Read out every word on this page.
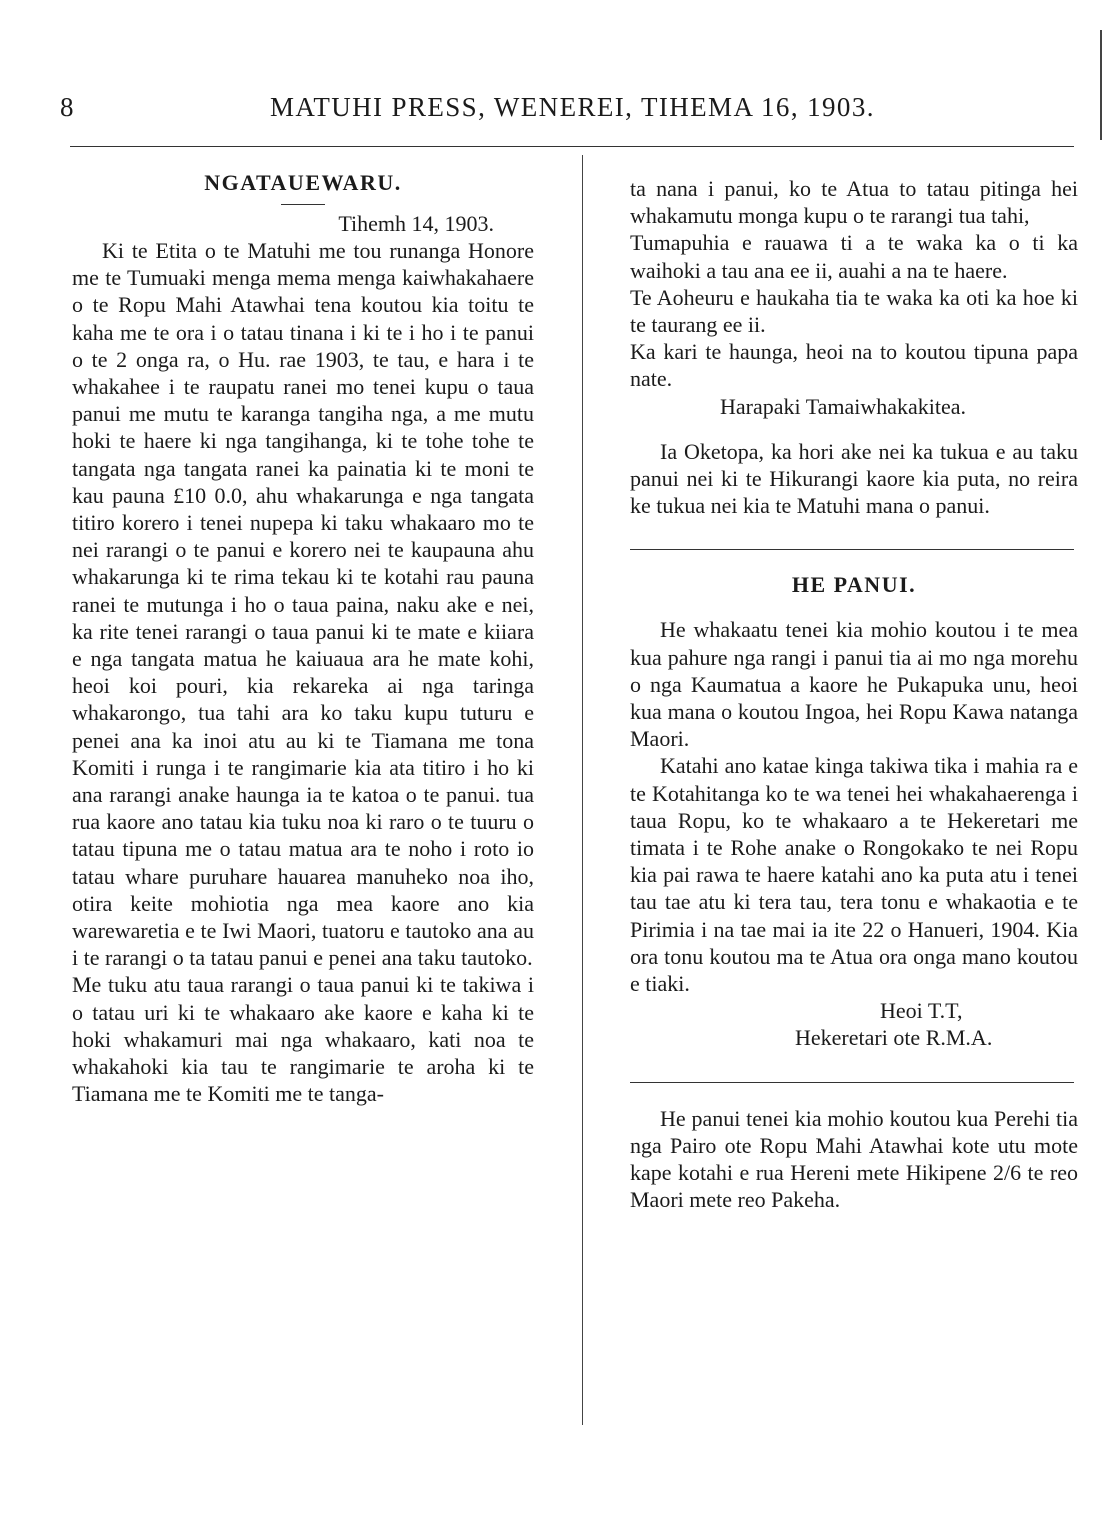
8	MATUHI PRESS, WENEREI, TIHEMA 16, 1903.
NGATAUEWARU.

Tihemh 14, 1903.

Ki te Etita o te Matuhi me tou runanga Honore me te Tumuaki menga mema menga kaiwhakahaere o te Ropu Mahi Atawhai tena koutou kia toitu te kaha me te ora i o tatau tinana i ki te i ho i te panui o te 2 onga ra, o Hu. rae 1903, te tau, e hara i te whakahee i te raupatu ranei mo tenei kupu o taua panui me mutu te karanga tangiha nga, a me mutu hoki te haere ki nga tangihanga, ki te tohe tohe te tangata nga tangata ranei ka painatia ki te moni te kau pauna £10 0.0, ahu whakarunga e nga tangata titiro korero i tenei nupepa ki taku whakaaro mo te nei rarangi o te panui e korero nei te kaupauna ahu whakarunga ki te rima tekau ki te kotahi rau pauna ranei te mutunga i ho o taua paina, naku ake e nei, ka rite tenei rarangi o taua panui ki te mate e kiiara e nga tangata matua he kaiuaua ara he mate kohi, heoi koi pouri, kia rekareka ai nga taringa whakarongo, tua tahi ara ko taku kupu tuturu e penei ana ka inoi atu au ki te Tiamana me tona Komiti i runga i te rangimarie kia ata titiro i ho ki ana rarangi anake haunga ia te katoa o te panui. tua rua kaore ano tatau kia tuku noa ki raro o te tuuru o tatau tipuna me o tatau matua ara te noho i roto io tatau whare puruhare hauarea manuheko noa iho, otira keite mohiotia nga mea kaore ano kia warewaretia e te Iwi Maori, tuatoru e tautoko ana au i te rarangi o ta tatau panui e penei ana taku tautoko.

Me tuku atu taua rarangi o taua panui ki te takiwa i o tatau uri ki te whakaaro ake kaore e kaha ki te hoki whakamuri mai nga whakaaro, kati noa te whakahoki kia tau te rangimarie te aroha ki te Tiamana me te Komiti me te tanga-

ta nana i panui, ko te Atua to tatau pitinga hei whakamutu monga kupu o te rarangi tua tahi,

Tumapuhia e rauawa ti a te waka ka o ti ka waihoki a tau ana ee ii, auahi a na te haere.

Te Aoheuru e haukaha tia te waka ka oti ka hoe ki te taurang ee ii.

Ka kari te haunga, heoi na to koutou tipuna papa nate.

Harapaki Tamaiwhakakitea.

Ia Oketopa, ka hori ake nei ka tukua e au taku panui nei ki te Hikurangi kaore kia puta, no reira ke tukua nei kia te Matuhi mana o panui.

HE PANUI.

He whakaatu tenei kia mohio koutou i te mea kua pahure nga rangi i panui tia ai mo nga morehu o nga Kaumatua a kaore he Pukapuka unu, heoi kua mana o koutou Ingoa, hei Ropu Kawa natanga Maori.

Katahi ano katae kinga takiwa tika i mahia ra e te Kotahitanga ko te wa tenei hei whakahaerenga i taua Ropu, ko te whakaaro a te Hekeretari me timata i te Rohe anake o Rongokako te nei Ropu kia pai rawa te haere katahi ano ka puta atu i tenei tau tae atu ki tera tau, tera tonu e whakaotia e te Pirimia i na tae mai ia ite 22 o Hanueri, 1904. Kia ora tonu koutou ma te Atua ora onga mano koutou e tiaki.

Heoi T.T,

Hekeretari ote R.M.A.

He panui tenei kia mohio koutou kua Perehi tia nga Pairo ote Ropu Mahi Atawhai kote utu mote kape kotahi e rua Hereni mete Hikipene 2/6 te reo Maori mete reo Pakeha.
